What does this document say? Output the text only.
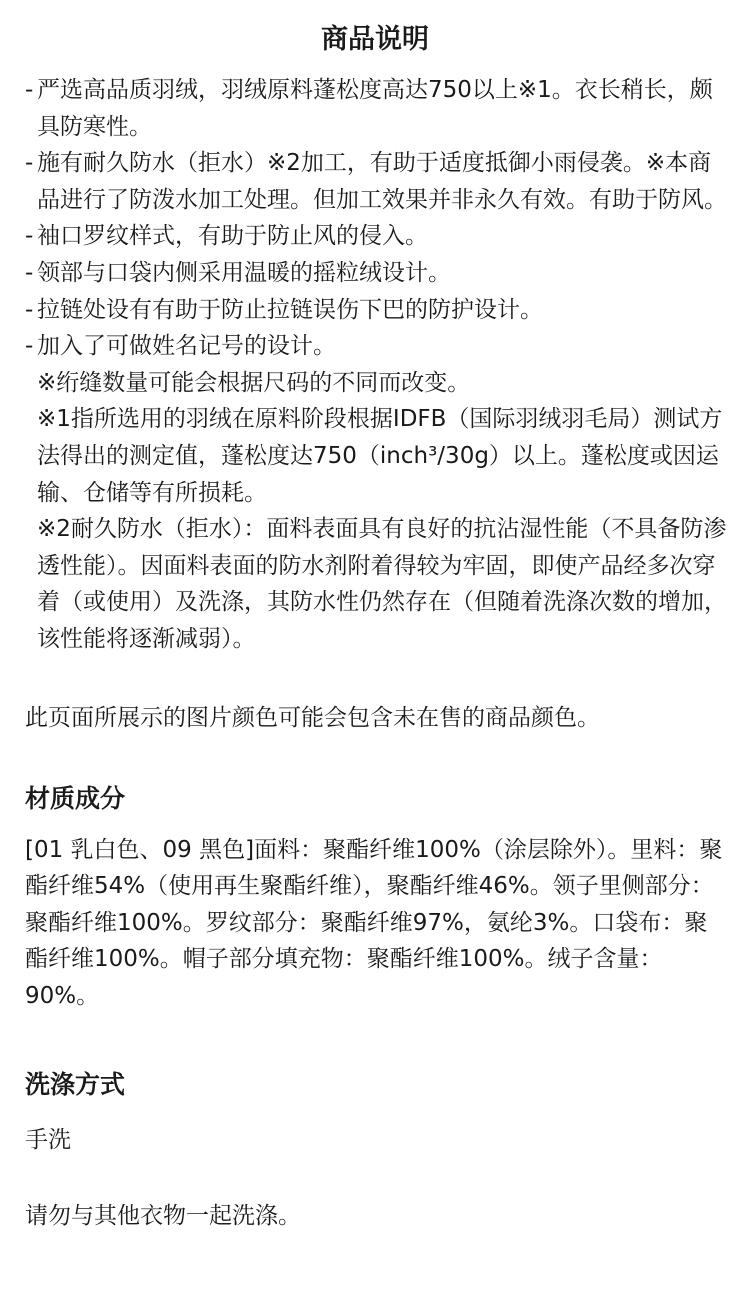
商品说明
- 严选高品质羽绒，羽绒原料蓬松度高达750以上※1。衣长稍长，颇具防寒性。
- 施有耐久防水（拒水）※2加工，有助于适度抵御小雨侵袭。※本商品进行了防泼水加工处理。但加工效果并非永久有效。有助于防风。
- 袖口罗纹样式，有助于防止风的侵入。
- 领部与口袋内侧采用温暖的摇粒绒设计。
- 拉链处设有有助于防止拉链误伤下巴的防护设计。
- 加入了可做姓名记号的设计。
※绗缝数量可能会根据尺码的不同而改变。
※1指所选用的羽绒在原料阶段根据IDFB（国际羽绒羽毛局）测试方法得出的测定值，蓬松度达750（inch³/30g）以上。蓬松度或因运输、仓储等有所损耗。
※2耐久防水（拒水）：面料表面具有良好的抗沾湿性能（不具备防渗透性能）。因面料表面的防水剂附着得较为牢固，即使产品经多次穿着（或使用）及洗涤，其防水性仍然存在（但随着洗涤次数的增加，该性能将逐渐减弱）。

此页面所展示的图片颜色可能会包含未在售的商品颜色。

材质成分

[01 乳白色、09 黑色]面料：聚酯纤维100%（涂层除外）。里料：聚酯纤维54%（使用再生聚酯纤维），聚酯纤维46%。领子里侧部分：聚酯纤维100%。罗纹部分：聚酯纤维97%，氨纶3%。口袋布：聚酯纤维100%。帽子部分填充物：聚酯纤维100%。绒子含量：90%。

洗涤方式

手洗

请勿与其他衣物一起洗涤。
